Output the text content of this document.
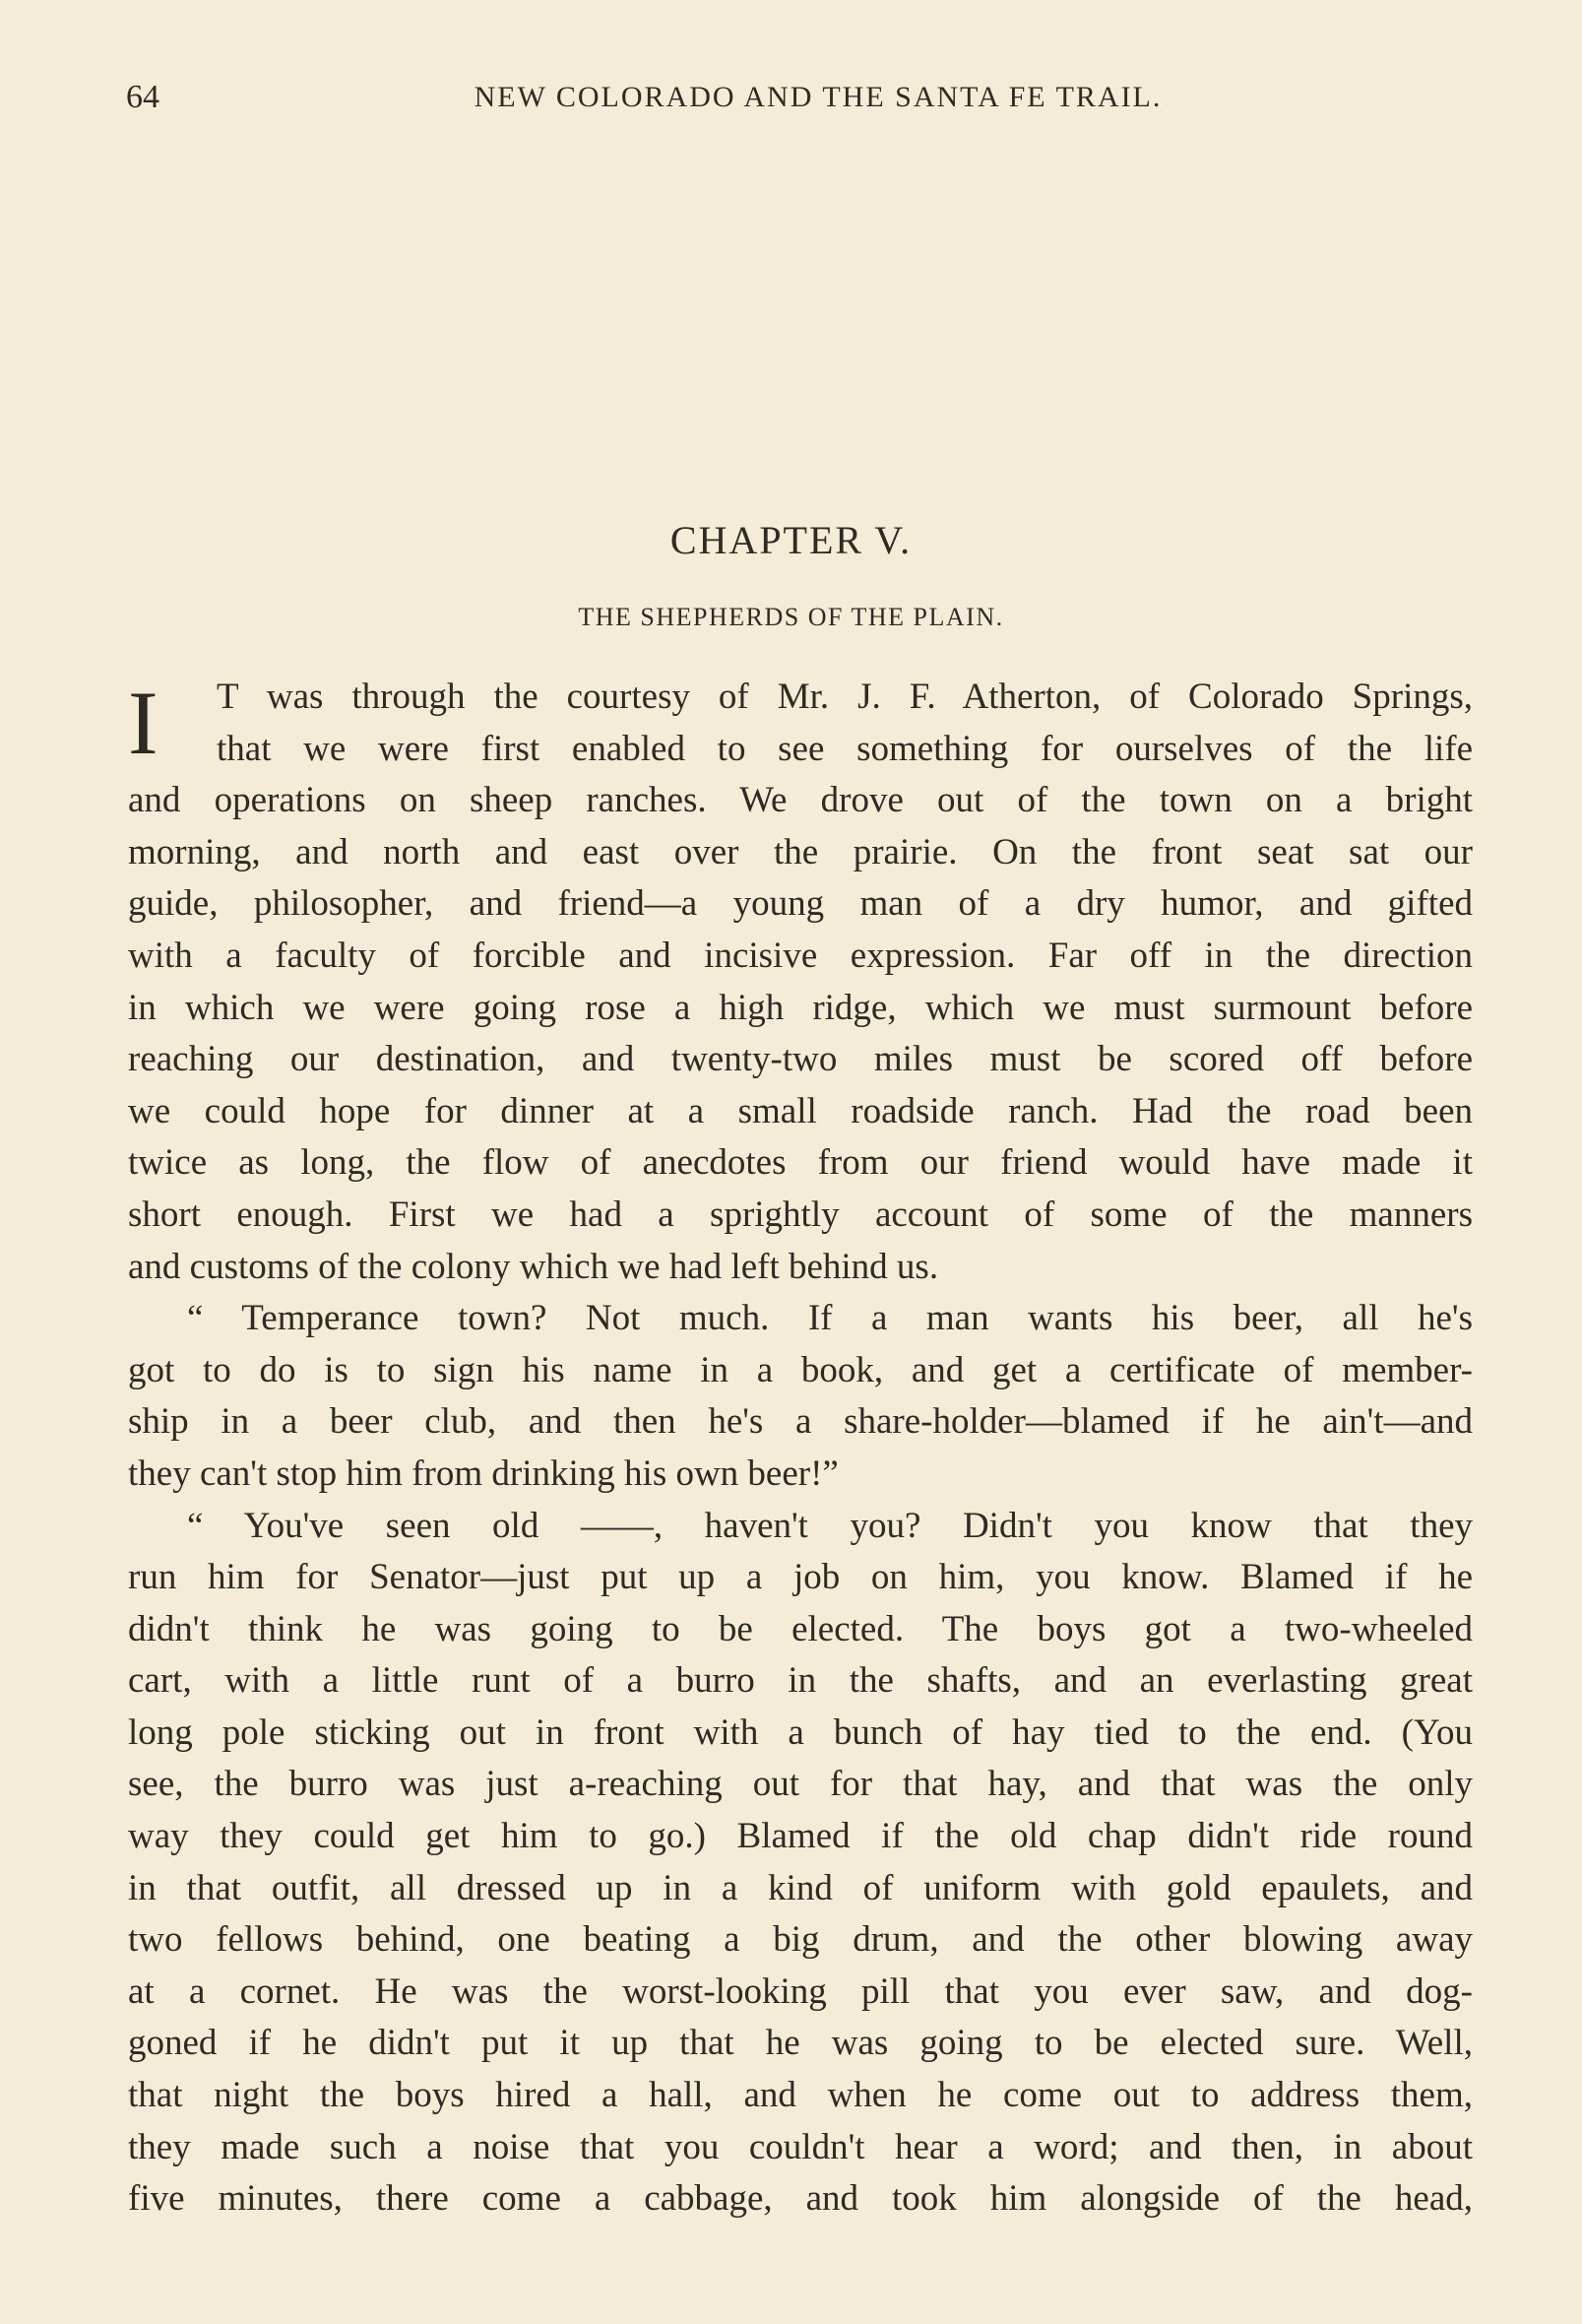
64	NEW COLORADO AND THE SANTA FE TRAIL.
CHAPTER V.
THE SHEPHERDS OF THE PLAIN.
I	T was through the courtesy of Mr. J. F. Atherton, of Colorado Springs,
that we were first enabled to see something for ourselves of the life
and operations on sheep ranches. We drove out of the town on a bright
morning, and north and east over the prairie. On the front seat sat our
guide, philosopher, and friend—a young man of a dry humor, and gifted
with a faculty of forcible and incisive expression. Far off in the direction
in which we were going rose a high ridge, which we must surmount before
reaching our destination, and twenty-two miles must be scored off before
we could hope for dinner at a small roadside ranch. Had the road been
twice as long, the flow of anecdotes from our friend would have made it
short enough. First we had a sprightly account of some of the manners
and customs of the colony which we had left behind us.
“ Temperance town? Not much. If a man wants his beer, all he's
got to do is to sign his name in a book, and get a certificate of member-
ship in a beer club, and then he's a share-holder—blamed if he ain't—and
they can't stop him from drinking his own beer!”
“ You've seen old ——, haven't you? Didn't you know that they
run him for Senator—just put up a job on him, you know. Blamed if he
didn't think he was going to be elected. The boys got a two-wheeled
cart, with a little runt of a burro in the shafts, and an everlasting great
long pole sticking out in front with a bunch of hay tied to the end. (You
see, the burro was just a-reaching out for that hay, and that was the only
way they could get him to go.) Blamed if the old chap didn't ride round
in that outfit, all dressed up in a kind of uniform with gold epaulets, and
two fellows behind, one beating a big drum, and the other blowing away
at a cornet. He was the worst-looking pill that you ever saw, and dog-
goned if he didn't put it up that he was going to be elected sure. Well,
that night the boys hired a hall, and when he come out to address them,
they made such a noise that you couldn't hear a word; and then, in about
five minutes, there come a cabbage, and took him alongside of the head,
